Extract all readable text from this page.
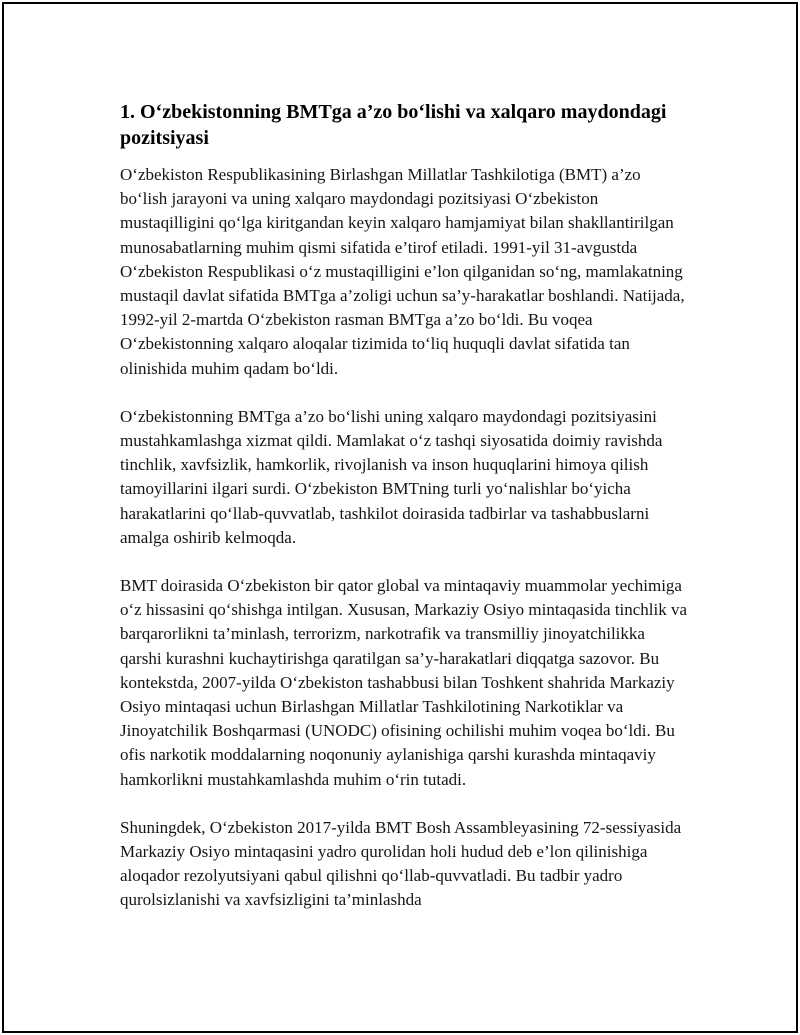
1. O‘zbekistonning BMTga a’zo bo‘lishi va xalqaro maydondagi pozitsiyasi

O‘zbekiston Respublikasining Birlashgan Millatlar Tashkilotiga (BMT) a’zo bo‘lish jarayoni va uning xalqaro maydondagi pozitsiyasi O‘zbekiston mustaqilligini qo‘lga kiritgandan keyin xalqaro hamjamiyat bilan shakllantirilgan munosabatlarning muhim qismi sifatida e’tirof etiladi. 1991-yil 31-avgustda O‘zbekiston Respublikasi o‘z mustaqilligini e’lon qilganidan so‘ng, mamlakatning mustaqil davlat sifatida BMTga a’zoligi uchun sa’y-harakatlar boshlandi. Natijada, 1992-yil 2-martda O‘zbekiston rasman BMTga a’zo bo‘ldi. Bu voqea O‘zbekistonning xalqaro aloqalar tizimida to‘liq huquqli davlat sifatida tan olinishida muhim qadam bo‘ldi.

O‘zbekistonning BMTga a’zo bo‘lishi uning xalqaro maydondagi pozitsiyasini mustahkamlashga xizmat qildi. Mamlakat o‘z tashqi siyosatida doimiy ravishda tinchlik, xavfsizlik, hamkorlik, rivojlanish va inson huquqlarini himoya qilish tamoyillarini ilgari surdi. O‘zbekiston BMTning turli yo‘nalishlar bo‘yicha harakatlarini qo‘llab-quvvatlab, tashkilot doirasida tadbirlar va tashabbuslarni amalga oshirib kelmoqda.

BMT doirasida O‘zbekiston bir qator global va mintaqaviy muammolar yechimiga o‘z hissasini qo‘shishga intilgan. Xususan, Markaziy Osiyo mintaqasida tinchlik va barqarorlikni ta’minlash, terrorizm, narkotrafik va transmilliy jinoyatchilikka qarshi kurashni kuchaytirishga qaratilgan sa’y-harakatlari diqqatga sazovor. Bu kontekstda, 2007-yilda O‘zbekiston tashabbusi bilan Toshkent shahrida Markaziy Osiyo mintaqasi uchun Birlashgan Millatlar Tashkilotining Narkotiklar va Jinoyatchilik Boshqarmasi (UNODC) ofisining ochilishi muhim voqea bo‘ldi. Bu ofis narkotik moddalarning noqonuniy aylanishiga qarshi kurashda mintaqaviy hamkorlikni mustahkamlashda muhim o‘rin tutadi.

Shuningdek, O‘zbekiston 2017-yilda BMT Bosh Assambleyasining 72-sessiyasida Markaziy Osiyo mintaqasini yadro qurolidan holi hudud deb e’lon qilinishiga aloqador rezolyutsiyani qabul qilishni qo‘llab-quvvatladi. Bu tadbir yadro qurolsizlanishi va xavfsizligini ta’minlashda
